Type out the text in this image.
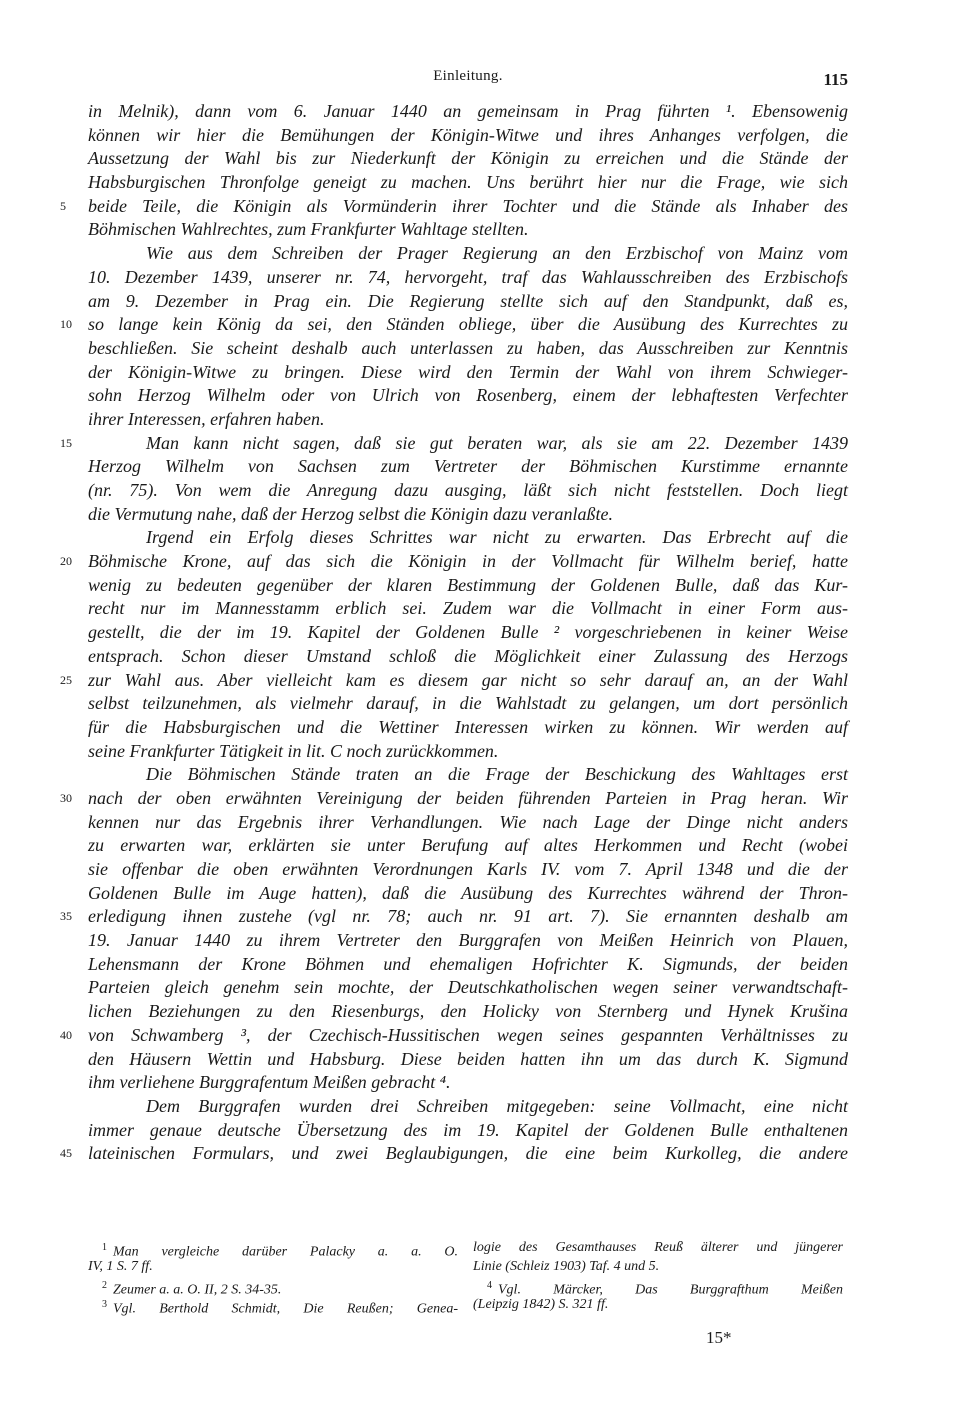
Einleitung.	115
in Melnik), dann vom 6. Januar 1440 an gemeinsam in Prag führten ¹. Ebensowenig
können wir hier die Bemühungen der Königin-Witwe und ihres Anhanges verfolgen, die
Aussetzung der Wahl bis zur Niederkunft der Königin zu erreichen und die Stände der
Habsburgischen Thronfolge geneigt zu machen. Uns berührt hier nur die Frage, wie sich
5 beide Teile, die Königin als Vormünderin ihrer Tochter und die Stände als Inhaber des
Böhmischen Wahlrechtes, zum Frankfurter Wahltage stellten.
Wie aus dem Schreiben der Prager Regierung an den Erzbischof von Mainz vom
10. Dezember 1439, unserer nr. 74, hervorgeht, traf das Wahlausschreiben des Erzbischofs
am 9. Dezember in Prag ein. Die Regierung stellte sich auf den Standpunkt, daß es,
10 so lange kein König da sei, den Ständen obliege, über die Ausübung des Kurrechtes zu
beschließen. Sie scheint deshalb auch unterlassen zu haben, das Ausschreiben zur Kenntnis
der Königin-Witwe zu bringen. Diese wird den Termin der Wahl von ihrem Schwieger-
sohn Herzog Wilhelm oder von Ulrich von Rosenberg, einem der lebhaftesten Verfechter
ihrer Interessen, erfahren haben.
15	Man kann nicht sagen, daß sie gut beraten war, als sie am 22. Dezember 1439
Herzog Wilhelm von Sachsen zum Vertreter der Böhmischen Kurstimme ernannte
(nr. 75). Von wem die Anregung dazu ausging, läßt sich nicht feststellen. Doch liegt
die Vermutung nahe, daß der Herzog selbst die Königin dazu veranlaßte.
Irgend ein Erfolg dieses Schrittes war nicht zu erwarten. Das Erbrecht auf die
20 Böhmische Krone, auf das sich die Königin in der Vollmacht für Wilhelm berief, hatte
wenig zu bedeuten gegenüber der klaren Bestimmung der Goldenen Bulle, daß das Kur-
recht nur im Mannesstamm erblich sei. Zudem war die Vollmacht in einer Form aus-
gestellt, die der im 19. Kapitel der Goldenen Bulle ² vorgeschriebenen in keiner Weise
entsprach. Schon dieser Umstand schloß die Möglichkeit einer Zulassung des Herzogs
25 zur Wahl aus. Aber vielleicht kam es diesem gar nicht so sehr darauf an, an der Wahl
selbst teilzunehmen, als vielmehr darauf, in die Wahlstadt zu gelangen, um dort persönlich
für die Habsburgischen und die Wettiner Interessen wirken zu können. Wir werden auf
seine Frankfurter Tätigkeit in lit. C noch zurückkommen.
Die Böhmischen Stände traten an die Frage der Beschickung des Wahltages erst
30 nach der oben erwähnten Vereinigung der beiden führenden Parteien in Prag heran. Wir
kennen nur das Ergebnis ihrer Verhandlungen. Wie nach Lage der Dinge nicht anders
zu erwarten war, erklärten sie unter Berufung auf altes Herkommen und Recht (wobei
sie offenbar die oben erwähnten Verordnungen Karls IV. vom 7. April 1348 und die der
Goldenen Bulle im Auge hatten), daß die Ausübung des Kurrechtes während der Thron-
35 erledigung ihnen zustehe (vgl nr. 78; auch nr. 91 art. 7). Sie ernannten deshalb am
19. Januar 1440 zu ihrem Vertreter den Burggrafen von Meißen Heinrich von Plauen,
Lehensmann der Krone Böhmen und ehemaligen Hofrichter K. Sigmunds, der beiden
Parteien gleich genehm sein mochte, der Deutschkatholischen wegen seiner verwandtschaft-
lichen Beziehungen zu den Riesenburgs, den Holicky von Sternberg und Hynek Krušina
40 von Schwamberg ³, der Czechisch-Hussitischen wegen seines gespannten Verhältnisses zu
den Häusern Wettin und Habsburg. Diese beiden hatten ihn um das durch K. Sigmund
ihm verliehene Burggrafentum Meißen gebracht ⁴.
Dem Burggrafen wurden drei Schreiben mitgegeben: seine Vollmacht, eine nicht
immer genaue deutsche Übersetzung des im 19. Kapitel der Goldenen Bulle enthaltenen
45 lateinischen Formulars, und zwei Beglaubigungen, die eine beim Kurkolleg, die andere
$^1$ Man vergleiche darüber Palacky a. a. O.
IV, 1 S. 7 ff.
$^2$ Zeumer a. a. O. II, 2 S. 34-35.
$^3$ Vgl. Berthold Schmidt, Die Reußen; Genea-
logie des Gesamthauses Reuß älterer und jüngerer
Linie (Schleiz 1903) Taf. 4 und 5.
$^4$ Vgl. Märcker, Das Burggrafthum Meißen
(Leipzig 1842) S. 321 ff.
15*
